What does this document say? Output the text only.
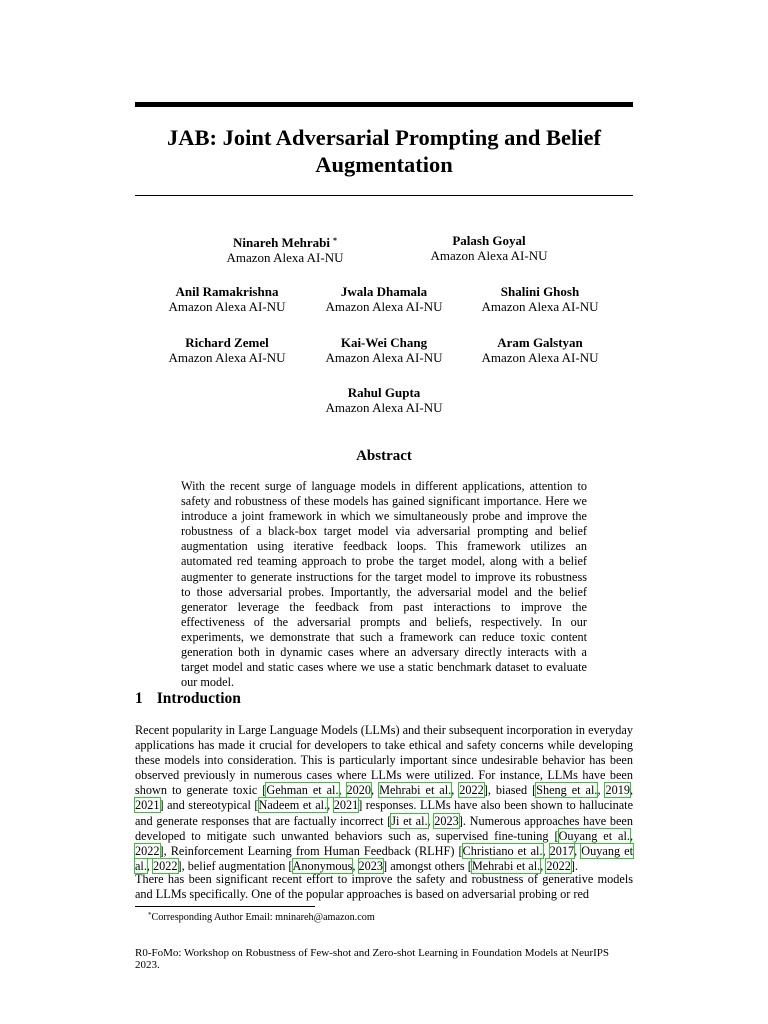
JAB: Joint Adversarial Prompting and Belief
Augmentation
Ninareh Mehrabi *
Amazon Alexa AI-NU
Palash Goyal
Amazon Alexa AI-NU
Anil Ramakrishna
Amazon Alexa AI-NU
Jwala Dhamala
Amazon Alexa AI-NU
Shalini Ghosh
Amazon Alexa AI-NU
Richard Zemel
Amazon Alexa AI-NU
Kai-Wei Chang
Amazon Alexa AI-NU
Aram Galstyan
Amazon Alexa AI-NU
Rahul Gupta
Amazon Alexa AI-NU
Abstract
With the recent surge of language models in different applications, attention to safety and robustness of these models has gained significant importance. Here we introduce a joint framework in which we simultaneously probe and improve the robustness of a black-box target model via adversarial prompting and belief augmentation using iterative feedback loops. This framework utilizes an automated red teaming approach to probe the target model, along with a belief augmenter to generate instructions for the target model to improve its robustness to those adversarial probes. Importantly, the adversarial model and the belief generator leverage the feedback from past interactions to improve the effectiveness of the adversarial prompts and beliefs, respectively. In our experiments, we demonstrate that such a framework can reduce toxic content generation both in dynamic cases where an adversary directly interacts with a target model and static cases where we use a static benchmark dataset to evaluate our model.
1 Introduction
Recent popularity in Large Language Models (LLMs) and their subsequent incorporation in everyday applications has made it crucial for developers to take ethical and safety concerns while developing these models into consideration. This is particularly important since undesirable behavior has been observed previously in numerous cases where LLMs were utilized. For instance, LLMs have been shown to generate toxic [Gehman et al., 2020, Mehrabi et al., 2022], biased [Sheng et al., 2019, 2021] and stereotypical [Nadeem et al., 2021] responses. LLMs have also been shown to hallucinate and generate responses that are factually incorrect [Ji et al., 2023]. Numerous approaches have been developed to mitigate such unwanted behaviors such as, supervised fine-tuning [Ouyang et al., 2022], Reinforcement Learning from Human Feedback (RLHF) [Christiano et al., 2017, Ouyang et al., 2022], belief augmentation [Anonymous, 2023] amongst others [Mehrabi et al., 2022].
There has been significant recent effort to improve the safety and robustness of generative models and LLMs specifically. One of the popular approaches is based on adversarial probing or red
*Corresponding Author Email: mninareh@amazon.com
R0-FoMo: Workshop on Robustness of Few-shot and Zero-shot Learning in Foundation Models at NeurIPS 2023.
